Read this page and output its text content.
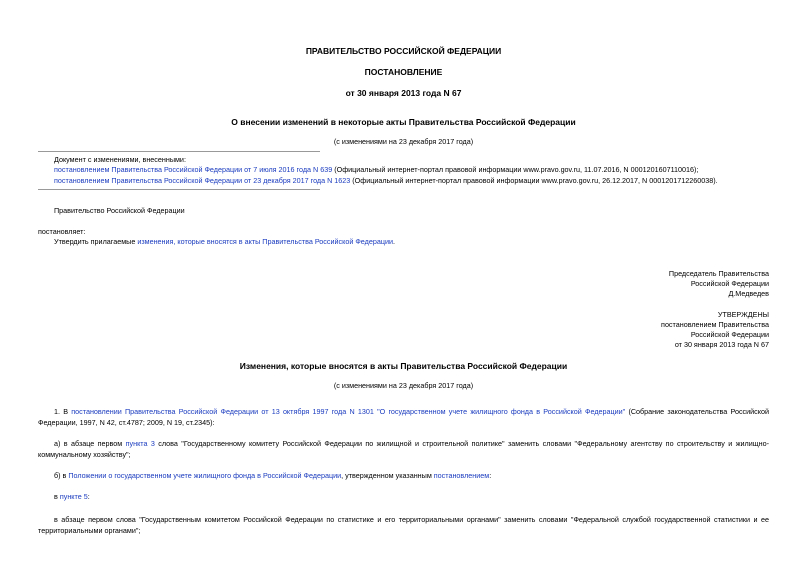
ПРАВИТЕЛЬСТВО РОССИЙСКОЙ ФЕДЕРАЦИИ
ПОСТАНОВЛЕНИЕ
от 30 января 2013 года N 67
О внесении изменений в некоторые акты Правительства Российской Федерации
(с изменениями на 23 декабря 2017 года)
Документ с изменениями, внесенными:
постановлением Правительства Российской Федерации от 7 июля 2016 года N 639 (Официальный интернет-портал правовой информации www.pravo.gov.ru, 11.07.2016, N 0001201607110016);
постановлением Правительства Российской Федерации от 23 декабря 2017 года N 1623 (Официальный интернет-портал правовой информации www.pravo.gov.ru, 26.12.2017, N 0001201712260038).
Правительство Российской Федерации
постановляет:
Утвердить прилагаемые изменения, которые вносятся в акты Правительства Российской Федерации.
Председатель Правительства
Российской Федерации
Д.Медведев
УТВЕРЖДЕНЫ
постановлением Правительства
Российской Федерации
от 30 января 2013 года N 67
Изменения, которые вносятся в акты Правительства Российской Федерации
(с изменениями на 23 декабря 2017 года)
1. В постановлении Правительства Российской Федерации от 13 октября 1997 года N 1301 "О государственном учете жилищного фонда в Российской Федерации" (Собрание законодательства Российской Федерации, 1997, N 42, ст.4787; 2009, N 19, ст.2345):
а) в абзаце первом пункта 3 слова "Государственному комитету Российской Федерации по жилищной и строительной политике" заменить словами "Федеральному агентству по строительству и жилищно-коммунальному хозяйству";
б) в Положении о государственном учете жилищного фонда в Российской Федерации, утвержденном указанным постановлением:
в пункте 5:
в абзаце первом слова "Государственным комитетом Российской Федерации по статистике и его территориальными органами" заменить словами "Федеральной службой государственной статистики и ее территориальными органами";
